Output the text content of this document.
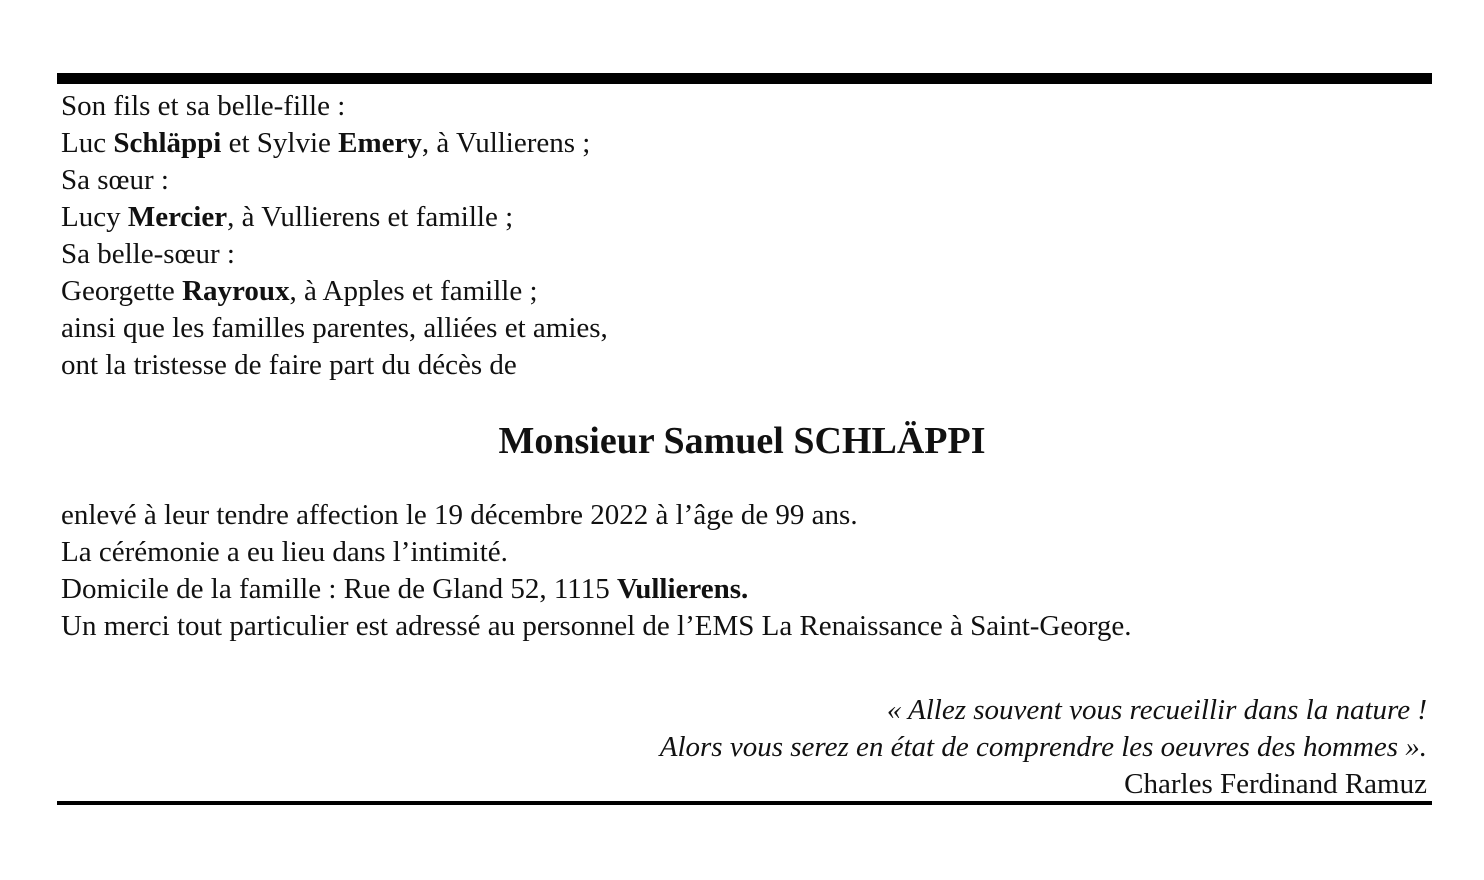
Son fils et sa belle-fille :
Luc Schläppi et Sylvie Emery, à Vullierens ;
Sa sœur :
Lucy Mercier, à Vullierens et famille ;
Sa belle-sœur :
Georgette Rayroux, à Apples et famille ;
ainsi que les familles parentes, alliées et amies,
ont la tristesse de faire part du décès de
Monsieur Samuel SCHLÄPPI
enlevé à leur tendre affection le 19 décembre 2022 à l’âge de 99 ans.
La cérémonie a eu lieu dans l’intimité.
Domicile de la famille : Rue de Gland 52, 1115 Vullierens.
Un merci tout particulier est adressé au personnel de l’EMS La Renaissance à Saint-George.
« Allez souvent vous recueillir dans la nature !
Alors vous serez en état de comprendre les oeuvres des hommes ».
Charles Ferdinand Ramuz
